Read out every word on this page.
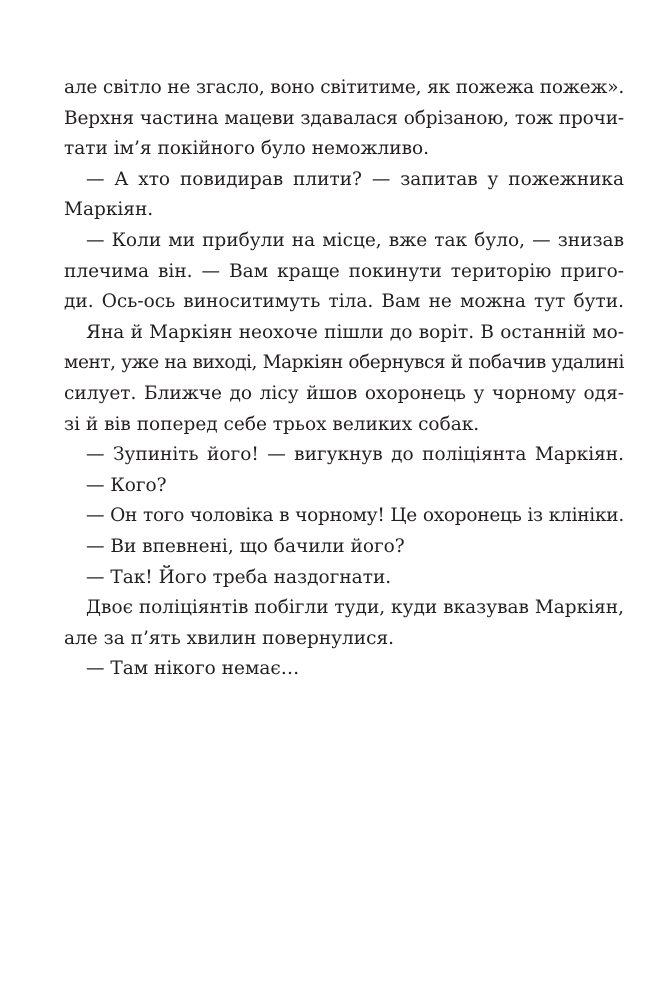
але світло не згасло, воно світитиме, як пожежа пожеж».
Верхня частина мацеви здавалася обрізаною, тож прочи-
тати ім’я покійного було неможливо.
— А хто повидирав плити? — запитав у пожежника
Маркіян.
— Коли ми прибули на місце, вже так було, — знизав
плечима він. — Вам краще покинути територію приго-
ди. Ось-ось виноситимуть тіла. Вам не можна тут бути.
Яна й Маркіян неохоче пішли до воріт. В останній мо-
мент, уже на виході, Маркіян обернувся й побачив удалині
силует. Ближче до лісу йшов охоронець у чорному одя-
зі й вів поперед себе трьох великих собак.
— Зупиніть його! — вигукнув до поліціянта Маркіян.
— Кого?
— Он того чоловіка в чорному! Це охоронець із клініки.
— Ви впевнені, що бачили його?
— Так! Його треба наздогнати.
Двоє поліціянтів побігли туди, куди вказував Маркіян,
але за п’ять хвилин повернулися.
— Там нікого немає…
